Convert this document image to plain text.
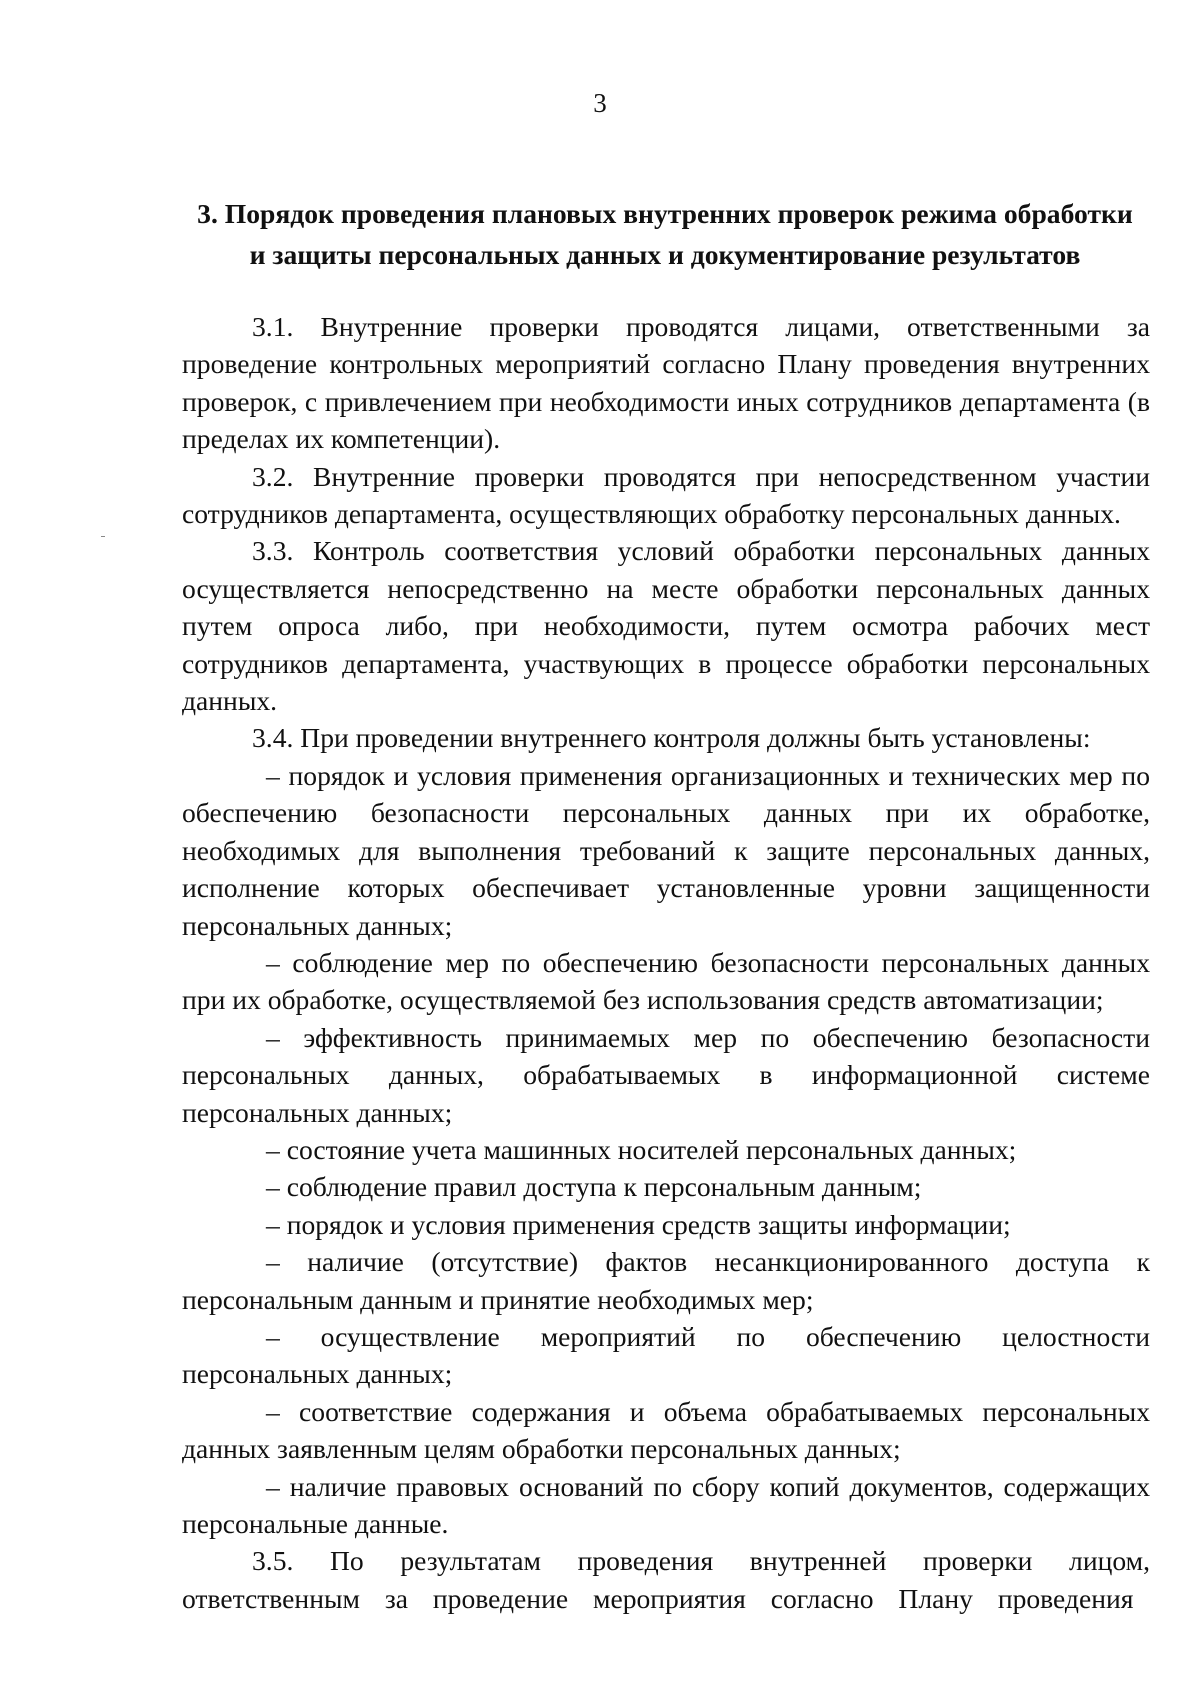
3
3. Порядок проведения плановых внутренних проверок режима обработки
и защиты персональных данных и документирование результатов

3.1. Внутренние проверки проводятся лицами, ответственными за проведение контрольных мероприятий согласно Плану проведения внутренних проверок, с привлечением при необходимости иных сотрудников департамента (в пределах их компетенции).

3.2. Внутренние проверки проводятся при непосредственном участии сотрудников департамента, осуществляющих обработку персональных данных.

3.3. Контроль соответствия условий обработки персональных данных осуществляется непосредственно на месте обработки персональных данных путем опроса либо, при необходимости, путем осмотра рабочих мест сотрудников департамента, участвующих в процессе обработки персональных данных.

3.4. При проведении внутреннего контроля должны быть установлены:

– порядок и условия применения организационных и технических мер по обеспечению безопасности персональных данных при их обработке, необходимых для выполнения требований к защите персональных данных, исполнение которых обеспечивает установленные уровни защищенности персональных данных;

– соблюдение мер по обеспечению безопасности персональных данных при их обработке, осуществляемой без использования средств автоматизации;

– эффективность принимаемых мер по обеспечению безопасности персональных данных, обрабатываемых в информационной системе персональных данных;

– состояние учета машинных носителей персональных данных;

– соблюдение правил доступа к персональным данным;

– порядок и условия применения средств защиты информации;

– наличие (отсутствие) фактов несанкционированного доступа к персональным данным и принятие необходимых мер;

– осуществление мероприятий по обеспечению целостности персональных данных;

– соответствие содержания и объема обрабатываемых персональных данных заявленным целям обработки персональных данных;

– наличие правовых оснований по сбору копий документов, содержащих персональные данные.

3.5. По результатам проведения внутренней проверки лицом, ответственным за проведение мероприятия согласно Плану проведения
